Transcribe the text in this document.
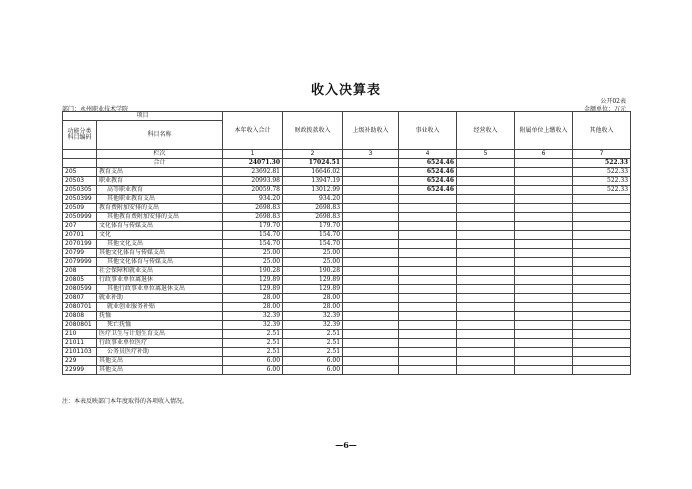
收入决算表
公开02表
部门：永州职业技术学院	金额单位：万元
项目		本年收入合计	财政拨款收入	上级补助收入	事业收入	经营收入	附属单位上缴收入	其他收入
功能分类
科目编码	科目名称							

	栏次	1	2	3	4	5	6	7
	合计	24071.30	17024.51		6524.46			522.33
205	教育支出	23692.81	16646.02		6524.46			522.33
20503	职业教育	20993.98	13947.19		6524.46			522.33
2050305	高等职业教育	20059.78	13012.99		6524.46			522.33
2050399	其他职业教育支出	934.20	934.20					
20509	教育费附加安排的支出	2698.83	2698.83					
2050999	其他教育费附加安排的支出	2698.83	2698.83					
207	文化体育与传媒支出	179.70	179.70					
20701	文化	154.70	154.70					
2070199	其他文化支出	154.70	154.70					
20799	其他文化体育与传媒支出	25.00	25.00					
2079999	其他文化体育与传媒支出	25.00	25.00					
208	社会保障和就业支出	190.28	190.28					
20805	行政事业单位离退休	129.89	129.89					
2080599	其他行政事业单位离退休支出	129.89	129.89					
20807	就业补助	28.00	28.00					
2080701	就业创业服务补贴	28.00	28.00					
20808	抚恤	32.39	32.39					
2080801	死亡抚恤	32.39	32.39					
210	医疗卫生与计划生育支出	2.51	2.51					
21011	行政事业单位医疗	2.51	2.51					
2101103	公务员医疗补助	2.51	2.51					
229	其他支出	6.00	6.00					
22999	其他支出	6.00	6.00					
注：本表反映部门本年度取得的各项收入情况。
—6—
